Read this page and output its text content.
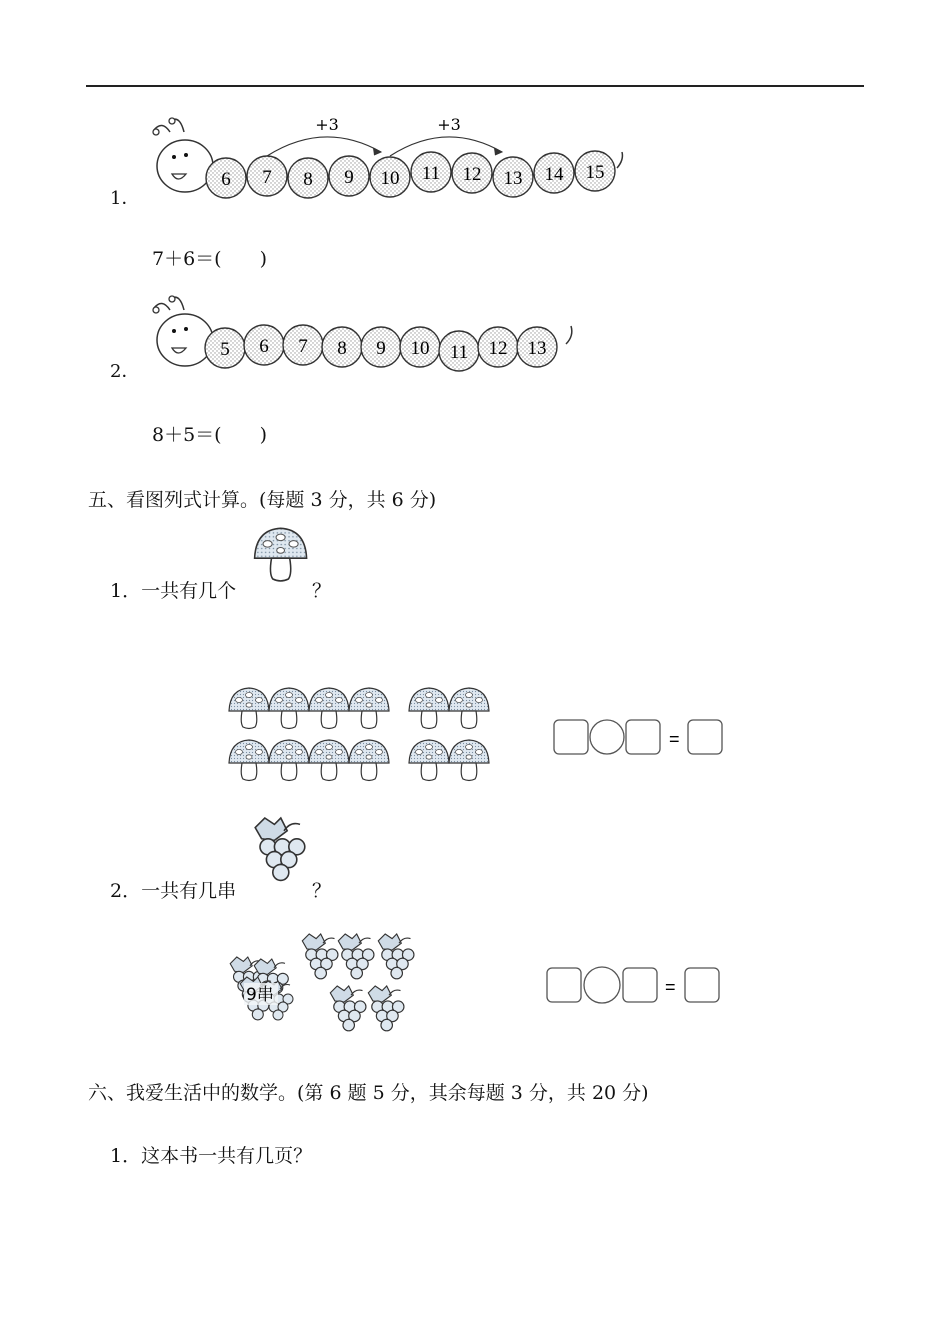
1．
6 7 8 9 10 11 12 13 14 15
+3	+3
7＋6＝(　　)
2．
5 6 7 8 9 10 11 12 13
8＋5＝(　　)
五、看图列式计算。(每题 3 分，共 6 分)
1．一共有几个	？
=
2．一共有几串	？
9串	=
六、我爱生活中的数学。(第 6 题 5 分，其余每题 3 分，共 20 分)
1．这本书一共有几页？
